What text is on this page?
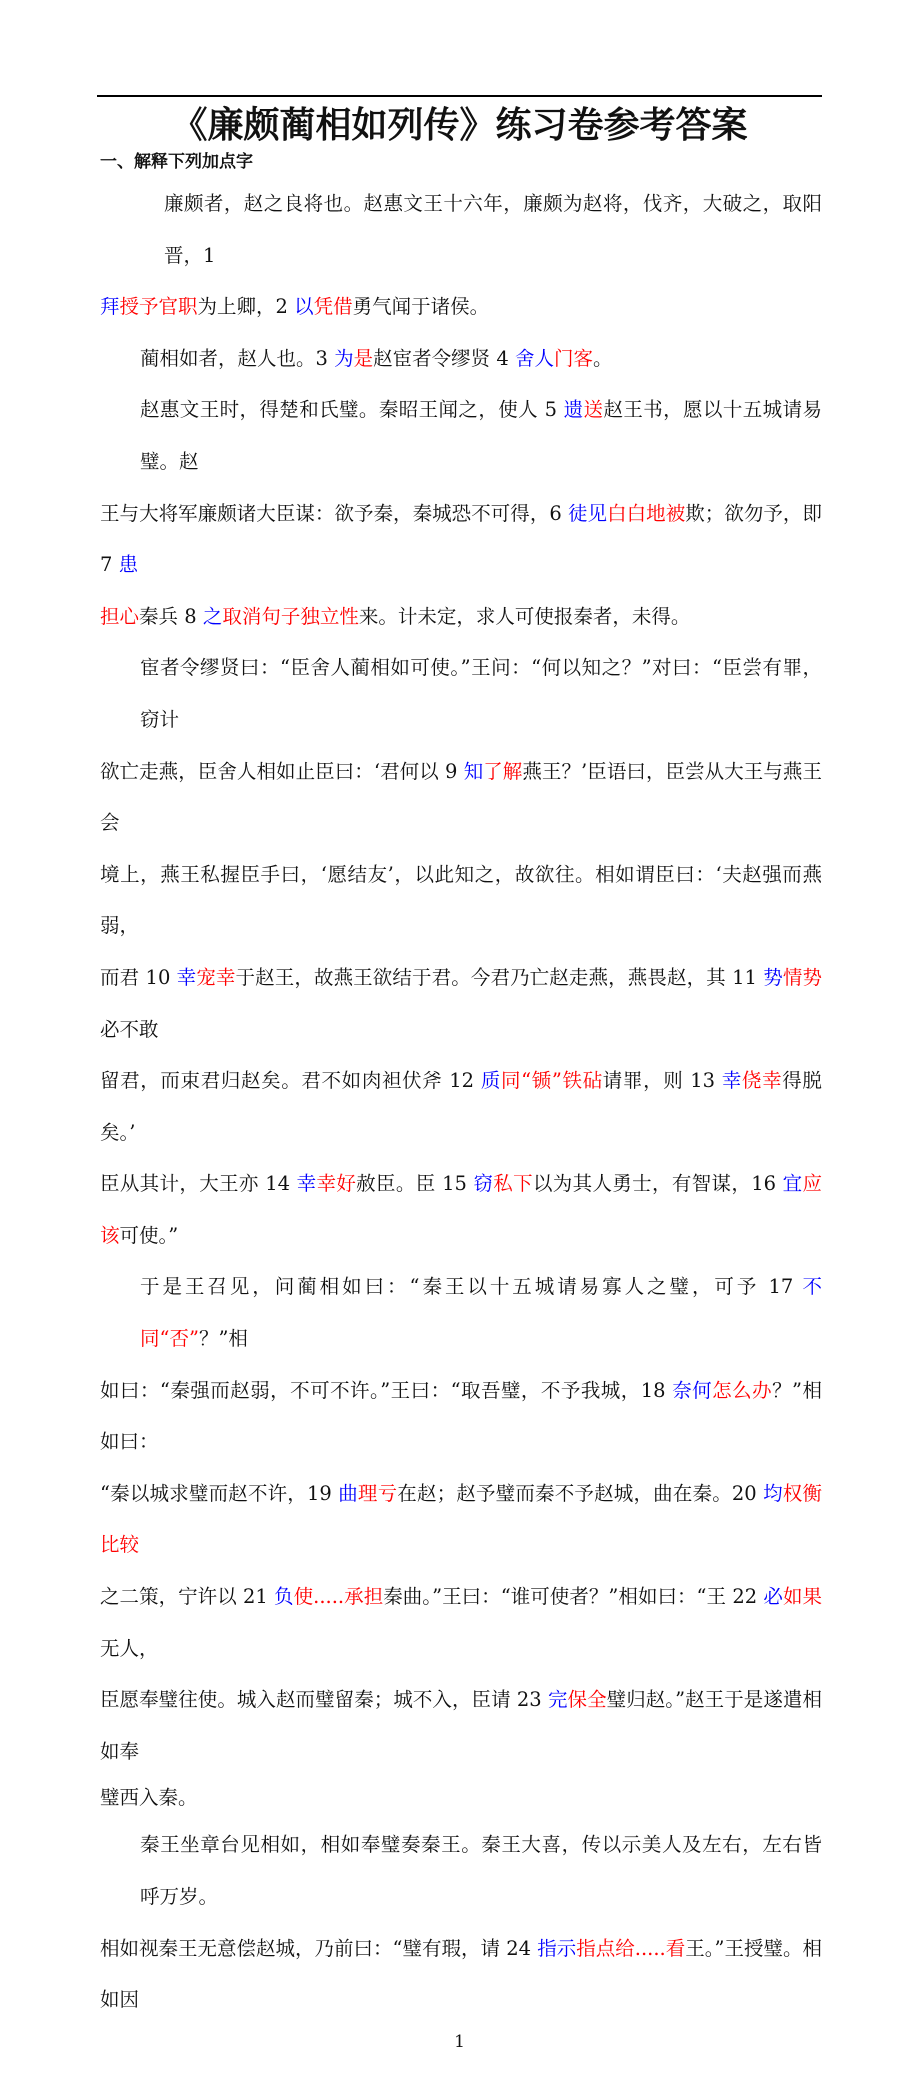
《廉颇蔺相如列传》练习卷参考答案
一、解释下列加点字
廉颇者，赵之良将也。赵惠文王十六年，廉颇为赵将，伐齐，大破之，取阳晋，1
拜授予官职为上卿，2 以凭借勇气闻于诸侯。
蔺相如者，赵人也。3 为是赵宦者令缪贤 4 舍人门客。
赵惠文王时，得楚和氏璧。秦昭王闻之，使人 5 遗送赵王书，愿以十五城请易璧。赵
王与大将军廉颇诸大臣谋：欲予秦，秦城恐不可得，6 徒见白白地被欺；欲勿予，即 7 患
担心秦兵 8 之取消句子独立性来。计未定，求人可使报秦者，未得。
宦者令缪贤曰：“臣舍人蔺相如可使。”王问：“何以知之？”对曰：“臣尝有罪，窃计
欲亡走燕，臣舍人相如止臣曰：‘君何以 9 知了解燕王？’臣语曰，臣尝从大王与燕王会
境上，燕王私握臣手曰，‘愿结友’，以此知之，故欲往。相如谓臣曰：‘夫赵强而燕弱，
而君 10 幸宠幸于赵王，故燕王欲结于君。今君乃亡赵走燕，燕畏赵，其 11 势情势必不敢
留君，而束君归赵矣。君不如肉袒伏斧 12 质同“锧”铁砧请罪，则 13 幸侥幸得脱矣。’
臣从其计，大王亦 14 幸幸好赦臣。臣 15 窃私下以为其人勇士，有智谋，16 宜应该可使。”
于是王召见，问蔺相如曰：“秦王以十五城请易寡人之璧，可予 17 不同“否”？”相
如曰：“秦强而赵弱，不可不许。”王曰：“取吾璧，不予我城，18 奈何怎么办？”相如曰：
“秦以城求璧而赵不许，19 曲理亏在赵；赵予璧而秦不予赵城，曲在秦。20 均权衡比较
之二策，宁许以 21 负使.....承担秦曲。”王曰：“谁可使者？”相如曰：“王 22 必如果无人，
臣愿奉璧往使。城入赵而璧留秦；城不入，臣请 23 完保全璧归赵。”赵王于是遂遣相如奉
璧西入秦。
秦王坐章台见相如，相如奉璧奏秦王。秦王大喜，传以示美人及左右，左右皆呼万岁。
相如视秦王无意偿赵城，乃前曰：“璧有瑕，请 24 指示指点给.....看王。”王授璧。相如因
1
